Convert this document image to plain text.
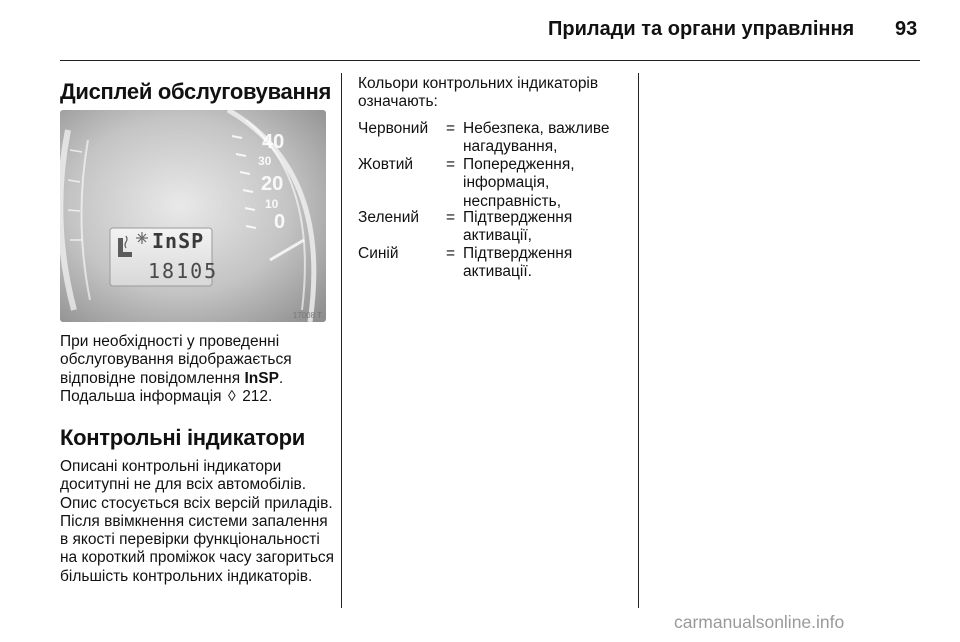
Прилади та органи управління 93
Дисплей обслуговування
40
30
20
10
0
InSP
18105
17008 T
При необхідності у проведенні обслуговування відображається відповідне повідомлення InSP.
Подальша інформація ◊ 212.
Контрольні індикатори
Описані контрольні індикатори доситупні не для всіх автомобілів. Опис стосується всіх версій приладів. Після ввімкнення системи запалення в якості перевірки функціональності на короткий проміжок часу загориться більшість контрольних індикаторів.
Кольори контрольних індикаторів означають:
Червоний = Небезпека, важливе нагадування,
Жовтий = Попередження, інформація, несправність,
Зелений = Підтвердження активації,
Синій	= Підтвердження активації.
carmanualsonline.info
